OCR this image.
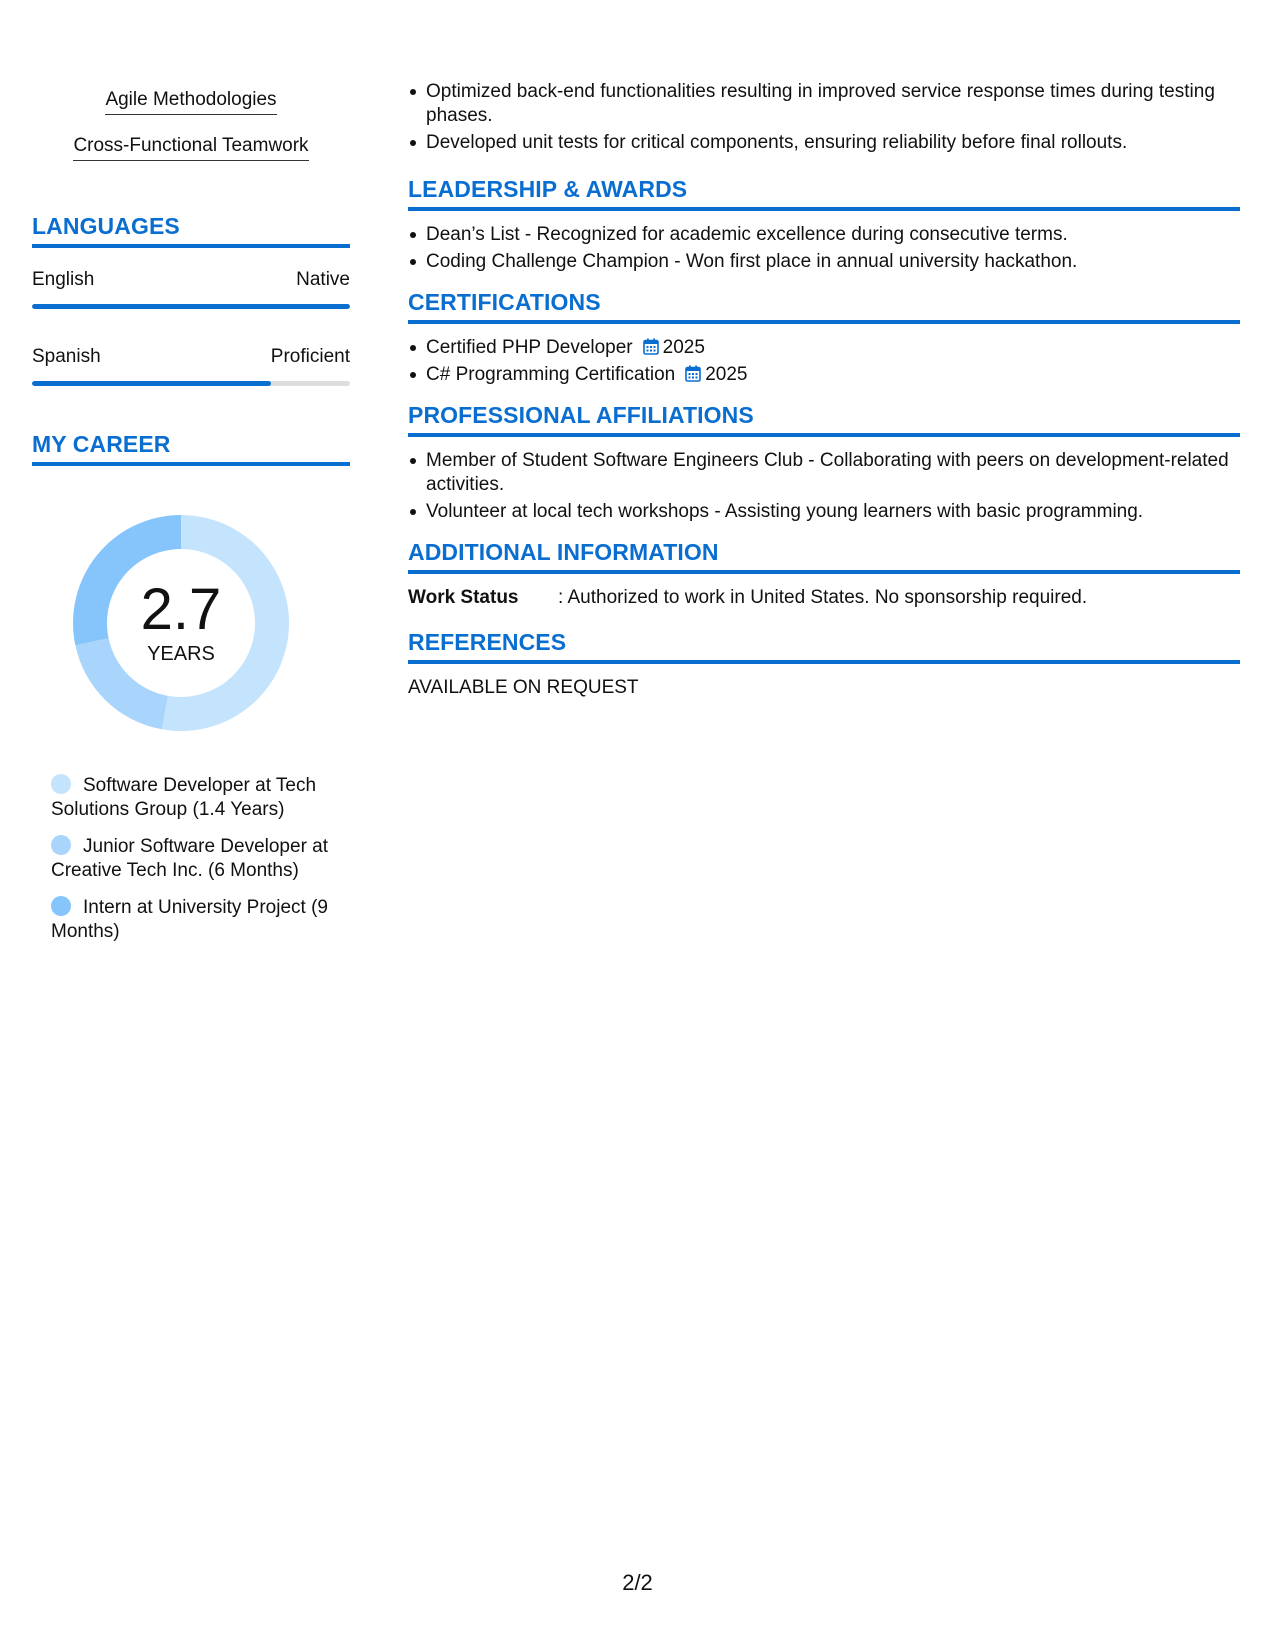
Agile Methodologies
Cross-Functional Teamwork
LANGUAGES
English	Native
Spanish	Proficient
MY CAREER
2.7
YEARS
Software Developer at Tech Solutions Group (1.4 Years)
Junior Software Developer at Creative Tech Inc. (6 Months)
Intern at University Project (9 Months)
Optimized back-end functionalities resulting in improved service response times during testing phases.
Developed unit tests for critical components, ensuring reliability before final rollouts.
LEADERSHIP & AWARDS
Dean’s List - Recognized for academic excellence during consecutive terms.
Coding Challenge Champion - Won first place in annual university hackathon.
CERTIFICATIONS
Certified PHP Developer 2025
C# Programming Certification 2025
PROFESSIONAL AFFILIATIONS
Member of Student Software Engineers Club - Collaborating with peers on development-related activities.
Volunteer at local tech workshops - Assisting young learners with basic programming.
ADDITIONAL INFORMATION
Work Status	: Authorized to work in United States. No sponsorship required.
REFERENCES
AVAILABLE ON REQUEST
2/2
